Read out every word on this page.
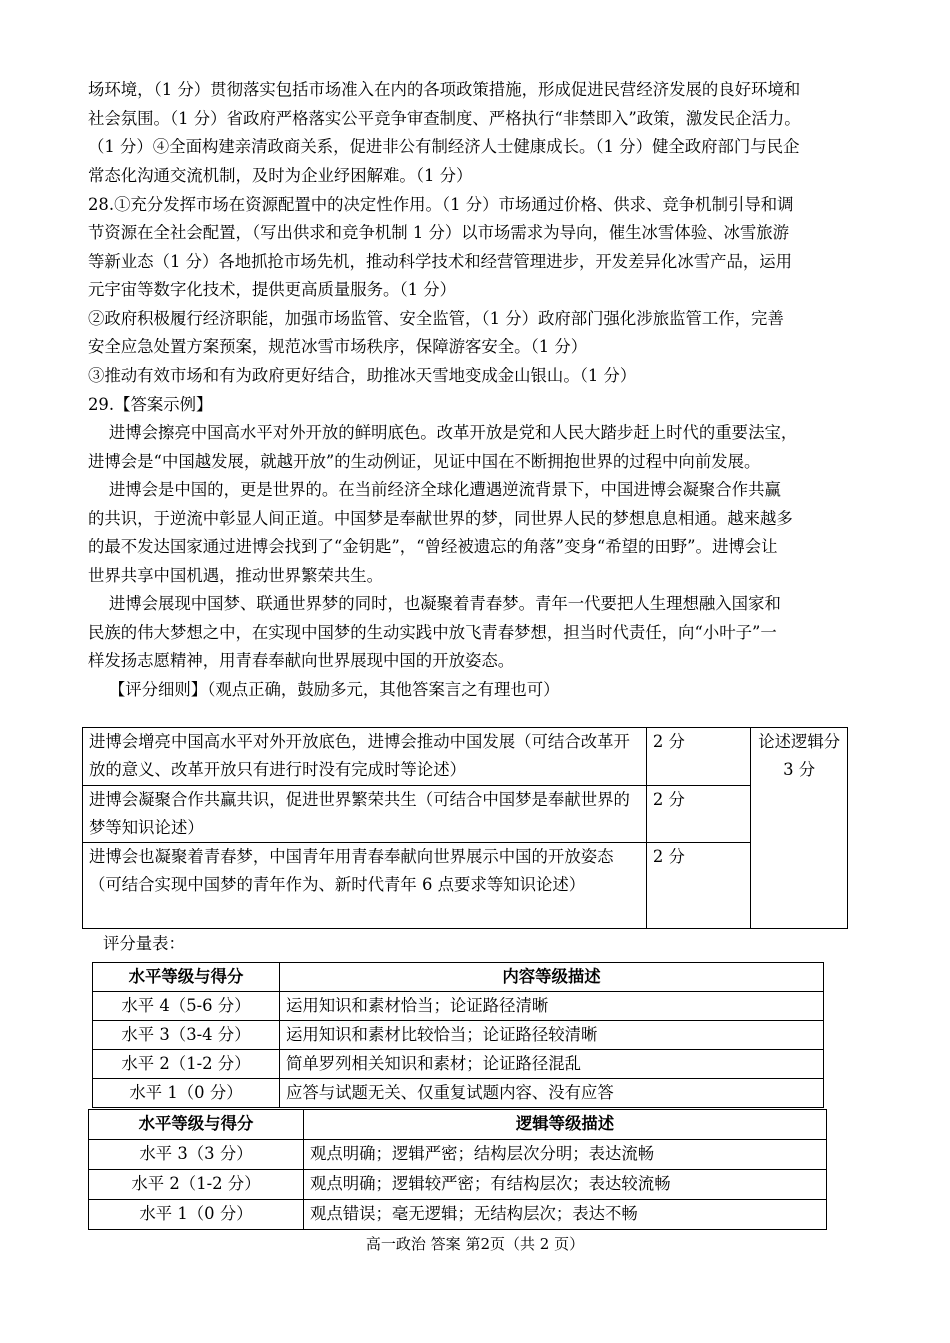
场环境，（1 分）贯彻落实包括市场准入在内的各项政策措施，形成促进民营经济发展的良好环境和
社会氛围。（1 分）省政府严格落实公平竞争审查制度、严格执行“非禁即入”政策，激发民企活力。
（1 分）④全面构建亲清政商关系，促进非公有制经济人士健康成长。（1 分）健全政府部门与民企
常态化沟通交流机制，及时为企业纾困解难。（1 分）
28.①充分发挥市场在资源配置中的决定性作用。（1 分）市场通过价格、供求、竞争机制引导和调
节资源在全社会配置，（写出供求和竞争机制 1 分）以市场需求为导向，催生冰雪体验、冰雪旅游
等新业态（1 分）各地抓抢市场先机，推动科学技术和经营管理进步，开发差异化冰雪产品，运用
元宇宙等数字化技术，提供更高质量服务。（1 分）
②政府积极履行经济职能，加强市场监管、安全监管，（1 分）政府部门强化涉旅监管工作，完善
安全应急处置方案预案，规范冰雪市场秩序，保障游客安全。（1 分）
③推动有效市场和有为政府更好结合，助推冰天雪地变成金山银山。（1 分）
29.【答案示例】
进博会擦亮中国高水平对外开放的鲜明底色。改革开放是党和人民大踏步赶上时代的重要法宝，
进博会是“中国越发展，就越开放”的生动例证，见证中国在不断拥抱世界的过程中向前发展。
进博会是中国的，更是世界的。在当前经济全球化遭遇逆流背景下，中国进博会凝聚合作共赢
的共识，于逆流中彰显人间正道。中国梦是奉献世界的梦，同世界人民的梦想息息相通。越来越多
的最不发达国家通过进博会找到了“金钥匙”，“曾经被遗忘的角落”变身“希望的田野”。进博会让
世界共享中国机遇，推动世界繁荣共生。
进博会展现中国梦、联通世界梦的同时，也凝聚着青春梦。青年一代要把人生理想融入国家和
民族的伟大梦想之中，在实现中国梦的生动实践中放飞青春梦想，担当时代责任，向“小叶子”一
样发扬志愿精神，用青春奉献向世界展现中国的开放姿态。
【评分细则】（观点正确，鼓励多元，其他答案言之有理也可）
进博会增亮中国高水平对外开放底色，进博会推动中国发展（可结合改革开放的意义、改革开放只有进行时没有完成时等论述）	2 分	论述逻辑分 3 分
进博会凝聚合作共赢共识，促进世界繁荣共生（可结合中国梦是奉献世界的梦等知识论述）	2 分	
进博会也凝聚着青春梦，中国青年用青春奉献向世界展示中国的开放姿态（可结合实现中国梦的青年作为、新时代青年 6 点要求等知识论述）	2 分	
评分量表：
水平等级与得分	内容等级描述
水平 4（5-6 分）	运用知识和素材恰当；论证路径清晰
水平 3（3-4 分）	运用知识和素材比较恰当；论证路径较清晰
水平 2（1-2 分）	简单罗列相关知识和素材；论证路径混乱
水平 1（0 分）	应答与试题无关、仅重复试题内容、没有应答
水平等级与得分	逻辑等级描述
水平 3（3 分）	观点明确；逻辑严密；结构层次分明；表达流畅
水平 2（1-2 分）	观点明确；逻辑较严密；有结构层次；表达较流畅
水平 1（0 分）	观点错误；毫无逻辑；无结构层次；表达不畅
高一政治 答案 第2页（共 2 页）
